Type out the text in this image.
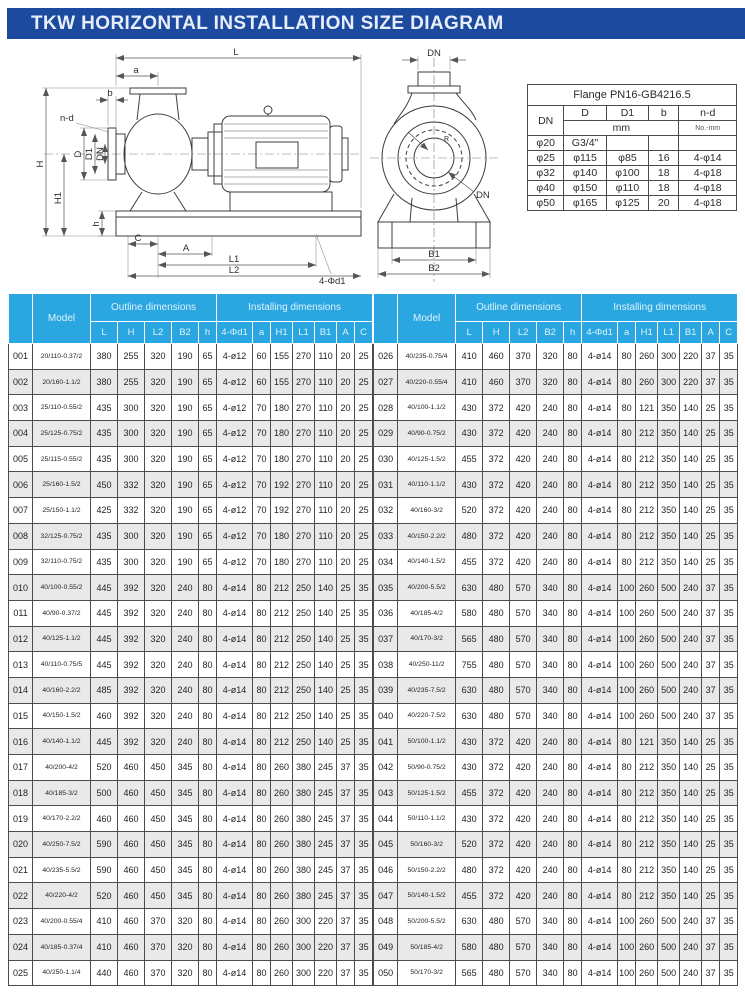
TKW HORIZONTAL INSTALLATION SIZE DIAGRAM
L
a
b
n-d
H
H1
D D1 DN
h
C
A
L1
L2
4-Φd1
DN
R
DN
B1
B2
Flange PN16-GB4216.5				
DN	D	D1	b	n-d
	mm			No.-mm
φ20	G3/4"			
φ25	φ115	φ85	16	4-φ14
φ32	φ140	φ100	18	4-φ18
φ40	φ150	φ110	18	4-φ18
φ50	φ165	φ125	20	4-φ18
	Model	Outline dimensions					Installing dimensions						
		L	H	L2	B2	h	4-Φd1	a	H1	L1	B1	A	C
001	20/110-0.37/2	380	255	320	190	65	4-ø12	60	155	270	110	20	25
002	20/160-1.1/2	380	255	320	190	65	4-ø12	60	155	270	110	20	25
003	25/110-0.55/2	435	300	320	190	65	4-ø12	70	180	270	110	20	25
004	25/125-0.75/2	435	300	320	190	65	4-ø12	70	180	270	110	20	25
005	25/115-0.55/2	435	300	320	190	65	4-ø12	70	180	270	110	20	25
006	25/160-1.5/2	450	332	320	190	65	4-ø12	70	192	270	110	20	25
007	25/150-1.1/2	425	332	320	190	65	4-ø12	70	192	270	110	20	25
008	32/125-0.75/2	435	300	320	190	65	4-ø12	70	180	270	110	20	25
009	32/110-0.75/2	435	300	320	190	65	4-ø12	70	180	270	110	20	25
010	40/100-0.55/2	445	392	320	240	80	4-ø14	80	212	250	140	25	35
011	40/90-0.37/2	445	392	320	240	80	4-ø14	80	212	250	140	25	35
012	40/125-1.1/2	445	392	320	240	80	4-ø14	80	212	250	140	25	35
013	40/110-0.75/5	445	392	320	240	80	4-ø14	80	212	250	140	25	35
014	40/160-2.2/2	485	392	320	240	80	4-ø14	80	212	250	140	25	35
015	40/150-1.5/2	460	392	320	240	80	4-ø14	80	212	250	140	25	35
016	40/140-1.1/2	445	392	320	240	80	4-ø14	80	212	250	140	25	35
017	40/200-4/2	520	460	450	345	80	4-ø14	80	260	380	245	37	35
018	40/185-3/2	500	460	450	345	80	4-ø14	80	260	380	245	37	35
019	40/170-2.2/2	460	460	450	345	80	4-ø14	80	260	380	245	37	35
020	40/250-7.5/2	590	460	450	345	80	4-ø14	80	260	380	245	37	35
021	40/235-5.5/2	590	460	450	345	80	4-ø14	80	260	380	245	37	35
022	40/220-4/2	520	460	450	345	80	4-ø14	80	260	380	245	37	35
023	40/200-0.55/4	410	460	370	320	80	4-ø14	80	260	300	220	37	35
024	40/185-0.37/4	410	460	370	320	80	4-ø14	80	260	300	220	37	35
025	40/250-1.1/4	440	460	370	320	80	4-ø14	80	260	300	220	37	35
	Model	Outline dimensions					Installing dimensions						
		L	H	L2	B2	h	4-Φd1	a	H1	L1	B1	A	C
026	40/235-0.75/4	410	460	370	320	80	4-ø14	80	260	300	220	37	35
027	40/220-0.55/4	410	460	370	320	80	4-ø14	80	260	300	220	37	35
028	40/100-1.1/2	430	372	420	240	80	4-ø14	80	121	350	140	25	35
029	40/90-0.75/2	430	372	420	240	80	4-ø14	80	212	350	140	25	35
030	40/125-1.5/2	455	372	420	240	80	4-ø14	80	212	350	140	25	35
031	40/110-1.1/2	430	372	420	240	80	4-ø14	80	212	350	140	25	35
032	40/160-3/2	520	372	420	240	80	4-ø14	80	212	350	140	25	35
033	40/150-2.2/2	480	372	420	240	80	4-ø14	80	212	350	140	25	35
034	40/140-1.5/2	455	372	420	240	80	4-ø14	80	212	350	140	25	35
035	40/200-5.5/2	630	480	570	340	80	4-ø14	100	260	500	240	37	35
036	40/185-4/2	580	480	570	340	80	4-ø14	100	260	500	240	37	35
037	40/170-3/2	565	480	570	340	80	4-ø14	100	260	500	240	37	35
038	40/250-11/2	755	480	570	340	80	4-ø14	100	260	500	240	37	35
039	40/235-7.5/2	630	480	570	340	80	4-ø14	100	260	500	240	37	35
040	40/220-7.5/2	630	480	570	340	80	4-ø14	100	260	500	240	37	35
041	50/100-1.1/2	430	372	420	240	80	4-ø14	80	121	350	140	25	35
042	50/90-0.75/2	430	372	420	240	80	4-ø14	80	212	350	140	25	35
043	50/125-1.5/2	455	372	420	240	80	4-ø14	80	212	350	140	25	35
044	50/110-1.1/2	430	372	420	240	80	4-ø14	80	212	350	140	25	35
045	50/160-3/2	520	372	420	240	80	4-ø14	80	212	350	140	25	35
046	50/150-2.2/2	480	372	420	240	80	4-ø14	80	212	350	140	25	35
047	50/140-1.5/2	455	372	420	240	80	4-ø14	80	212	350	140	25	35
048	50/200-5.5/2	630	480	570	340	80	4-ø14	100	260	500	240	37	35
049	50/185-4/2	580	480	570	340	80	4-ø14	100	260	500	240	37	35
050	50/170-3/2	565	480	570	340	80	4-ø14	100	260	500	240	37	35
